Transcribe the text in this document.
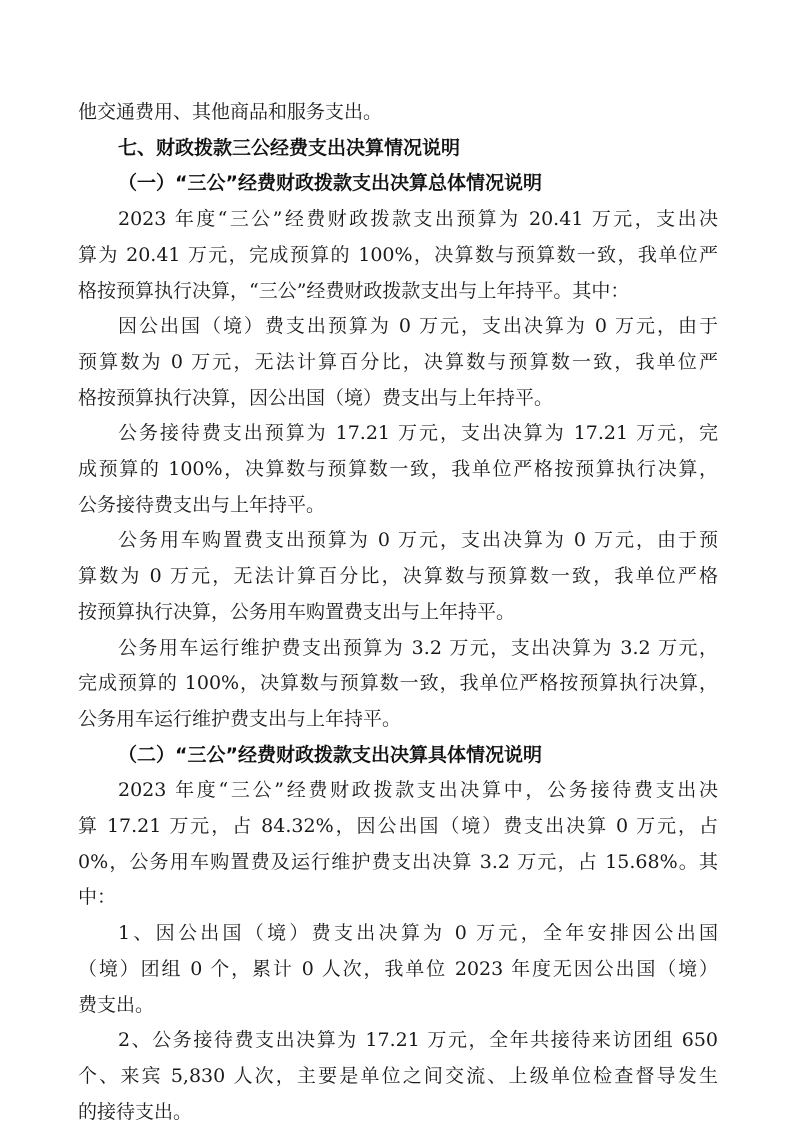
他交通费用、其他商品和服务支出。
七、财政拨款三公经费支出决算情况说明
（一）“三公”经费财政拨款支出决算总体情况说明
2023 年度“三公”经费财政拨款支出预算为 20.41 万元，支出决
算为 20.41 万元，完成预算的 100%，决算数与预算数一致，我单位严
格按预算执行决算，“三公”经费财政拨款支出与上年持平。其中：
因公出国（境）费支出预算为 0 万元，支出决算为 0 万元，由于
预算数为 0 万元，无法计算百分比，决算数与预算数一致，我单位严
格按预算执行决算，因公出国（境）费支出与上年持平。
公务接待费支出预算为 17.21 万元，支出决算为 17.21 万元，完
成预算的 100%，决算数与预算数一致，我单位严格按预算执行决算，
公务接待费支出与上年持平。
公务用车购置费支出预算为 0 万元，支出决算为 0 万元，由于预
算数为 0 万元，无法计算百分比，决算数与预算数一致，我单位严格
按预算执行决算，公务用车购置费支出与上年持平。
公务用车运行维护费支出预算为 3.2 万元，支出决算为 3.2 万元，
完成预算的 100%，决算数与预算数一致，我单位严格按预算执行决算，
公务用车运行维护费支出与上年持平。
（二）“三公”经费财政拨款支出决算具体情况说明
2023 年度“三公”经费财政拨款支出决算中，公务接待费支出决
算 17.21 万元，占 84.32%，因公出国（境）费支出决算 0 万元，占
0%，公务用车购置费及运行维护费支出决算 3.2 万元，占 15.68%。其
中：
1、因公出国（境）费支出决算为 0 万元，全年安排因公出国
（境）团组 0 个，累计 0 人次，我单位 2023 年度无因公出国（境）
费支出。
2、公务接待费支出决算为 17.21 万元，全年共接待来访团组 650
个、来宾 5,830 人次，主要是单位之间交流、上级单位检查督导发生
的接待支出。
